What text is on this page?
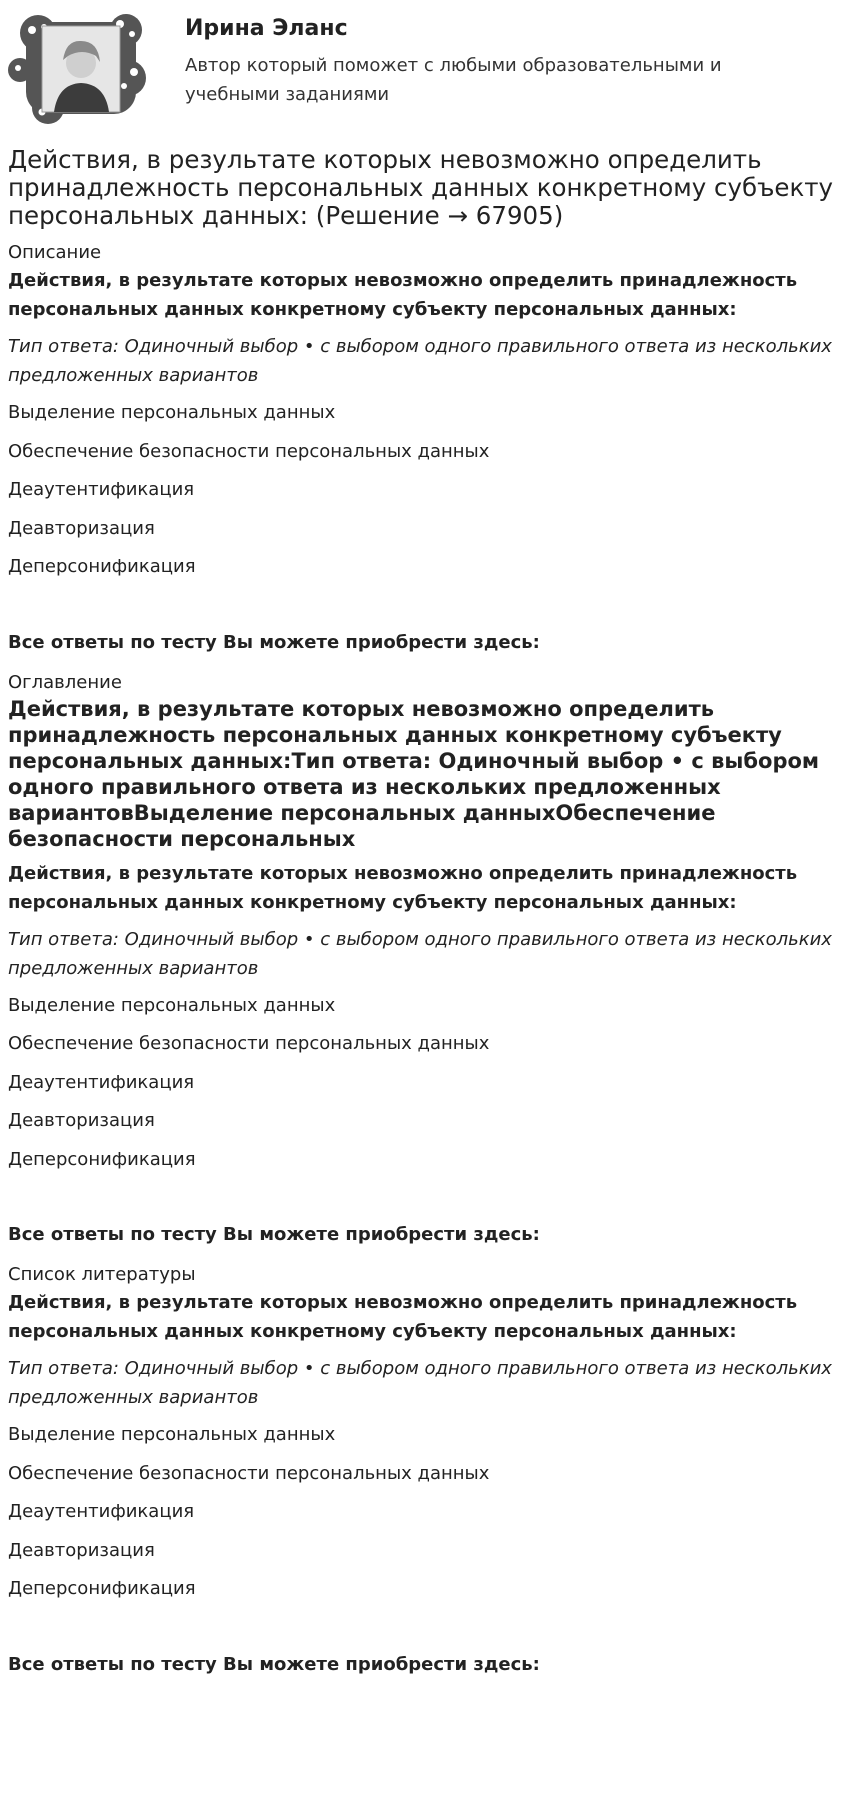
Ирина Эланс
Автор который поможет с любыми образовательными и учебными заданиями
Действия, в результате которых невозможно определить принадлежность персональных данных конкретному субъекту персональных данных: (Решение → 67905)
Описание

Действия, в результате которых невозможно определить принадлежность персональных данных конкретному субъекту персональных данных:

Тип ответа: Одиночный выбор • с выбором одного правильного ответа из нескольких предложенных вариантов

Выделение персональных данных

Обеспечение безопасности персональных данных

Деаутентификация

Деавторизация

Деперсонификация

Все ответы по тесту Вы можете приобрести здесь:

Оглавление
Действия, в результате которых невозможно определить принадлежность персональных данных конкретному субъекту персональных данных:Тип ответа: Одиночный выбор • с выбором одного правильного ответа из нескольких предложенных вариантовВыделение персональных данныхОбеспечение безопасности персональных

Действия, в результате которых невозможно определить принадлежность персональных данных конкретному субъекту персональных данных:

Тип ответа: Одиночный выбор • с выбором одного правильного ответа из нескольких предложенных вариантов

Выделение персональных данных

Обеспечение безопасности персональных данных

Деаутентификация

Деавторизация

Деперсонификация

Все ответы по тесту Вы можете приобрести здесь:

Список литературы

Действия, в результате которых невозможно определить принадлежность персональных данных конкретному субъекту персональных данных:

Тип ответа: Одиночный выбор • с выбором одного правильного ответа из нескольких предложенных вариантов

Выделение персональных данных

Обеспечение безопасности персональных данных

Деаутентификация

Деавторизация

Деперсонификация

Все ответы по тесту Вы можете приобрести здесь:
